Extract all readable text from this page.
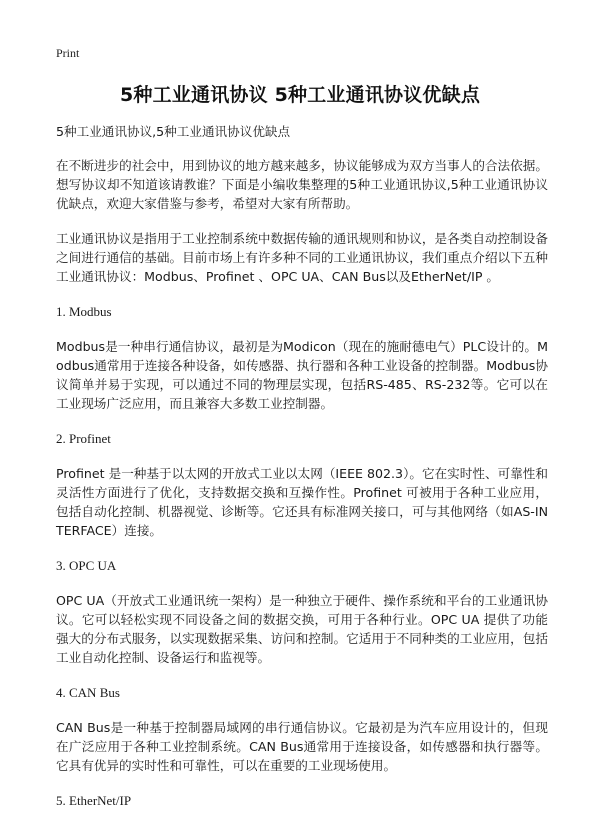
Print
5种工业通讯协议 5种工业通讯协议优缺点

5种工业通讯协议,5种工业通讯协议优缺点

在不断进步的社会中，用到协议的地方越来越多，协议能够成为双方当事人的合法依据。想写协议却不知道该请教谁？下面是小编收集整理的5种工业通讯协议,5种工业通讯协议优缺点，欢迎大家借鉴与参考，希望对大家有所帮助。

工业通讯协议是指用于工业控制系统中数据传输的通讯规则和协议，是各类自动控制设备之间进行通信的基础。目前市场上有许多种不同的工业通讯协议，我们重点介绍以下五种工业通讯协议：Modbus、Profinet 、OPC UA、CAN Bus以及EtherNet/IP 。

1. Modbus

Modbus是一种串行通信协议，最初是为Modicon（现在的施耐德电气）PLC设计的。Modbus通常用于连接各种设备，如传感器、执行器和各种工业设备的控制器。Modbus协议简单并易于实现，可以通过不同的物理层实现，包括RS-485、RS-232等。它可以在工业现场广泛应用，而且兼容大多数工业控制器。

2. Profinet

Profinet 是一种基于以太网的开放式工业以太网（IEEE 802.3）。它在实时性、可靠性和灵活性方面进行了优化，支持数据交换和互操作性。Profinet 可被用于各种工业应用，包括自动化控制、机器视觉、诊断等。它还具有标准网关接口，可与其他网络（如AS-INTERFACE）连接。

3. OPC UA

OPC UA（开放式工业通讯统一架构）是一种独立于硬件、操作系统和平台的工业通讯协议。它可以轻松实现不同设备之间的数据交换，可用于各种行业。OPC UA 提供了功能强大的分布式服务，以实现数据采集、访问和控制。它适用于不同种类的工业应用，包括工业自动化控制、设备运行和监视等。

4. CAN Bus

CAN Bus是一种基于控制器局域网的串行通信协议。它最初是为汽车应用设计的，但现在广泛应用于各种工业控制系统。CAN Bus通常用于连接设备，如传感器和执行器等。它具有优异的实时性和可靠性，可以在重要的工业现场使用。

5. EtherNet/IP
